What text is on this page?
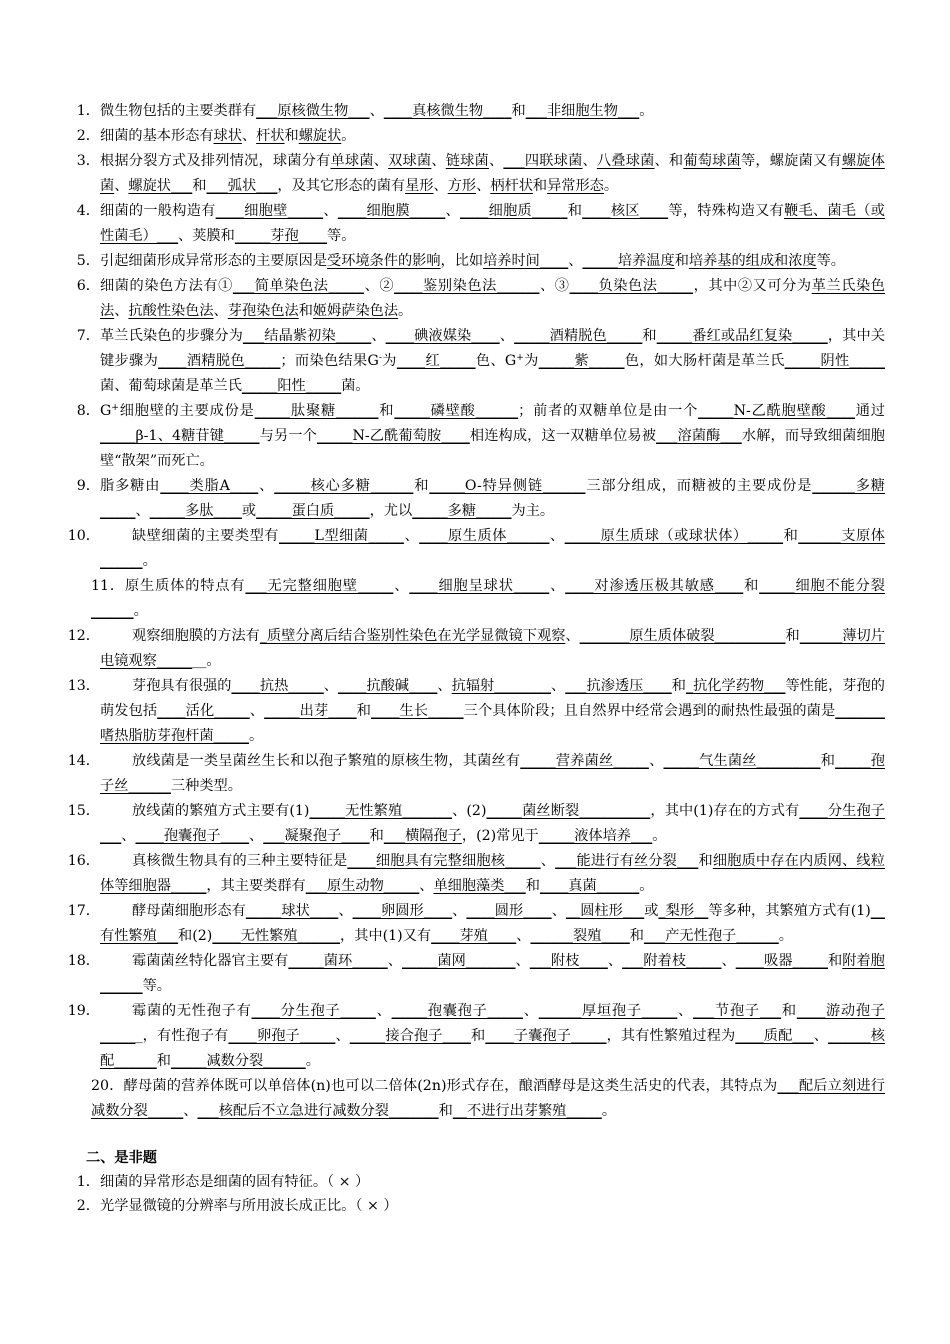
1． 微生物包括的主要类群有___原核微生物___、____真核微生物____和___非细胞生物___。
2． 细菌的基本形态有球状、杆状和螺旋状。
3． 根据分裂方式及排列情况，球菌分有单球菌、双球菌、链球菌、___四联球菌、八叠球菌、和葡萄球菌等，螺旋菌又有螺旋体菌、螺旋状___和___弧状___，及其它形态的菌有星形、方形、柄杆状和异常形态。
4． 细菌的一般构造有____细胞壁_____、____细胞膜_____、____细胞质_____和____核区____等，特殊构造又有鞭毛、菌毛（或性菌毛）___、荚膜和_____芽孢____等。
5． 引起细菌形成异常形态的主要原因是受环境条件的影响，比如培养时间____、_____培养温度和培养基的组成和浓度等。
6． 细菌的染色方法有①___简单染色法_____、②____鉴别染色法______、③____负染色法_____，其中②又可分为革兰氏染色法、抗酸性染色法、芽孢染色法和姬姆萨染色法。
7． 革兰氏染色的步骤分为___结晶紫初染_____、____碘液媒染____、_____酒精脱色_____和_____番红或品红复染_____，其中关键步骤为____酒精脱色_____；而染色结果G-为____红_____色、G+为_____紫_____色，如大肠杆菌是革兰氏_____阴性_____菌、葡萄球菌是革兰氏_____阳性_____菌。
8． G+细胞壁的主要成份是_____肽聚糖______和_____磷壁酸______；前者的双糖单位是由一个_____N-乙酰胞壁酸____通过_____β-1、4糖苷键_____与另一个_____N-乙酰葡萄胺____相连构成，这一双糖单位易被___溶菌酶___水解，而导致细菌细胞壁“散架”而死亡。
9． 脂多糖由____类脂A____、_____核心多糖______和_____O-特异侧链______三部分组成，而糖被的主要成份是______多糖_____、_____多肽____或_____蛋白质_____，尤以_____多糖_____为主。
10． 缺壁细菌的主要类型有_____L型细菌_____、____原生质体______、_____原生质球（或球状体）_____和______支原体______。
11．原生质体的特点有___无完整细胞壁_____、____细胞呈球状_____、____对渗透压极其敏感____和_____细胞不能分裂______。
12． 观察细胞膜的方法有_质壁分离后结合鉴别性染色在光学显微镜下观察、_______原生质体破裂__________和______薄切片电镜观察_______。
13． 芽孢具有很强的____抗热_____、____抗酸碱____、抗辐射________、___抗渗透压____和_抗化学药物___等性能，芽孢的萌发包括____活化_____、_____出芽____和____生长_____三个具体阶段；且自然界中经常会遇到的耐热性最强的菌是_______嗜热脂肪芽孢杆菌_____。
14． 放线菌是一类呈菌丝生长和以孢子繁殖的原核生物，其菌丝有_____营养菌丝_____、_____气生菌丝_________和_____孢子丝______三种类型。
15． 放线菌的繁殖方式主要有(1)_____无性繁殖_______、(2)_____菌丝断裂__________，其中(1)存在的方式有____分生孢子___、____孢囊孢子____、___凝聚孢子____和___横隔孢子，(2)常见于_____液体培养___。
16． 真核微生物具有的三种主要特征是____细胞具有完整细胞核_____、___能进行有丝分裂___和细胞质中存在内质网、线粒体等细胞器_____，其主要类群有___原生动物_____、单细胞藻类___和____真菌______。
17． 酵母菌细胞形态有_____球状____、____卵圆形____、____圆形____、__圆柱形___或_梨形__等多种，其繁殖方式有(1)__有性繁殖___和(2)____无性繁殖______，其中(1)又有____芽殖____、______裂殖____和___产无性孢子______。
18． 霉菌菌丝特化器官主要有_____菌环_____、_____菌网_______、___附枝____、___附着枝_____、____吸器_____和附着胞______等。
19． 霉菌的无性孢子有____分生孢子_____、_____孢囊孢子_____、______厚垣孢子_____、___节孢子___和____游动孢子______，有性孢子有____卵孢子_____、_____接合孢子____和____子囊孢子_____，其有性繁殖过程为____质配___、______核配______和_____减数分裂______。
20．酵母菌的营养体既可以单倍体(n)也可以二倍体(2n)形式存在，酿酒酵母是这类生活史的代表，其特点为___配后立刻进行减数分裂_____、___核配后不立急进行减数分裂_______和__不进行出芽繁殖_____。
二、是非题
1． 细菌的异常形态是细菌的固有特征。（ × ）
2． 光学显微镜的分辨率与所用波长成正比。（ × ）
